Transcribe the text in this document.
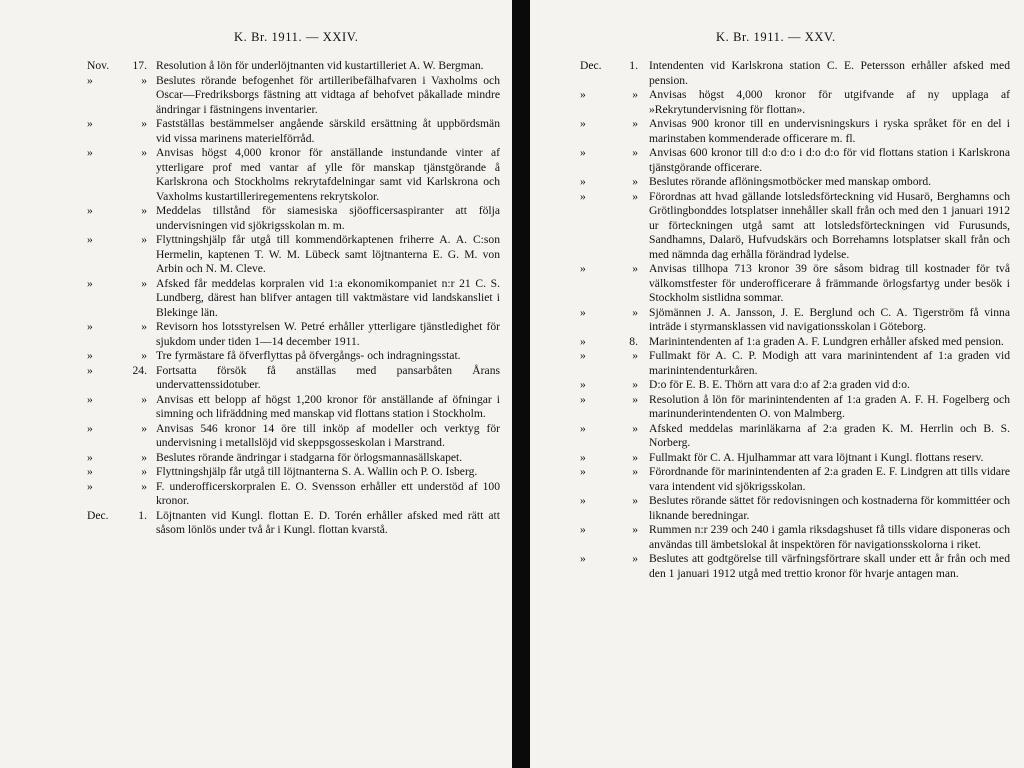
K. Br. 1911. — XXIV.
Nov.	17. Resolution å lön för underlöjtnanten vid kustartilleriet A. W. Bergman.
»	» Beslutes rörande befogenhet för artilleribefälhafvaren i Vaxholms och Oscar—Fredriksborgs fästning att vidtaga af behofvet påkallade mindre ändringar i fästningens inventarier.
»	» Fastställas bestämmelser angående särskild ersättning åt uppbördsmän vid vissa marinens materielförråd.
»	» Anvisas högst 4,000 kronor för anställande instundande vinter af ytterligare prof med vantar af ylle för manskap tjänstgörande å Karlskrona och Stockholms rekrytafdelningar samt vid Karlskrona och Vaxholms kustartilleriregementens rekrytskolor.
»	» Meddelas tillstånd för siamesiska sjöofficersaspiranter att följa undervisningen vid sjökrigsskolan m. m.
»	» Flyttningshjälp får utgå till kommendörkaptenen friherre A. A. C:son Hermelin, kaptenen T. W. M. Lübeck samt löjtnanterna E. G. M. von Arbin och N. M. Cleve.
»	» Afsked får meddelas korpralen vid 1:a ekonomikompaniet n:r 21 C. S. Lundberg, därest han blifver antagen till vaktmästare vid landskansliet i Blekinge län.
»	» Revisorn hos lotsstyrelsen W. Petré erhåller ytterligare tjänstledighet för sjukdom under tiden 1—14 december 1911.
»	» Tre fyrmästare få öfverflyttas på öfvergångs- och indragningsstat.
»	24. Fortsatta försök få anställas med pansarbåten Årans undervattenssidotuber.
»	» Anvisas ett belopp af högst 1,200 kronor för anställande af öfningar i simning och lifräddning med manskap vid flottans station i Stockholm.
»	» Anvisas 546 kronor 14 öre till inköp af modeller och verktyg för undervisning i metallslöjd vid skeppsgosseskolan i Marstrand.
»	» Beslutes rörande ändringar i stadgarna för örlogsmannasällskapet.
»	» Flyttningshjälp får utgå till löjtnanterna S. A. Wallin och P. O. Isberg.
»	» F. underofficerskorpralen E. O. Svensson erhåller ett understöd af 100 kronor.
Dec.	1. Löjtnanten vid Kungl. flottan E. D. Torén erhåller afsked med rätt att såsom lönlös under två år i Kungl. flottan kvarstå.
K. Br. 1911. — XXV.
Dec.	1. Intendenten vid Karlskrona station C. E. Petersson erhåller afsked med pension.
»	» Anvisas högst 4,000 kronor för utgifvande af ny upplaga af »Rekrytundervisning för flottan».
»	» Anvisas 900 kronor till en undervisningskurs i ryska språket för en del i marinstaben kommenderade officerare m. fl.
»	» Anvisas 600 kronor till d:o d:o i d:o d:o för vid flottans station i Karlskrona tjänstgörande officerare.
»	» Beslutes rörande aflöningsmotböcker med manskap ombord.
»	» Förordnas att hvad gällande lotsledsförteckning vid Husarö, Berghamns och Grötlingbonddes lotsplatser innehåller skall från och med den 1 januari 1912 ur förteckningen utgå samt att lotsledsförteckningen vid Furusunds, Sandhamns, Dalarö, Hufvudskärs och Borrehamns lotsplatser skall från och med nämnda dag erhålla förändrad lydelse.
»	» Anvisas tillhopa 713 kronor 39 öre såsom bidrag till kostnader för två välkomstfester för underofficerare å främmande örlogsfartyg under besök i Stockholm sistlidna sommar.
»	» Sjömännen J. A. Jansson, J. E. Berglund och C. A. Tigerström få vinna inträde i styrmansklassen vid navigationsskolan i Göteborg.
»	8. Marinintendenten af 1:a graden A. F. Lundgren erhåller afsked med pension.
»	» Fullmakt för A. C. P. Modigh att vara marinintendent af 1:a graden vid marinintendenturkåren.
»	» D:o för E. B. E. Thörn att vara d:o af 2:a graden vid d:o.
»	» Resolution å lön för marinintendenten af 1:a graden A. F. H. Fogelberg och marinunderintendenten O. von Malmberg.
»	» Afsked meddelas marinläkarna af 2:a graden K. M. Herrlin och B. S. Norberg.
»	» Fullmakt för C. A. Hjulhammar att vara löjtnant i Kungl. flottans reserv.
»	» Förordnande för marinintendenten af 2:a graden E. F. Lindgren att tills vidare vara intendent vid sjökrigsskolan.
»	» Beslutes rörande sättet för redovisningen och kostnaderna för kommittéer och liknande beredningar.
»	» Rummen n:r 239 och 240 i gamla riksdagshuset få tills vidare disponeras och användas till ämbetslokal åt inspektören för navigationsskolorna i riket.
»	» Beslutes att godtgörelse till värfningsförtrare skall under ett år från och med den 1 januari 1912 utgå med trettio kronor för hvarje antagen man.
